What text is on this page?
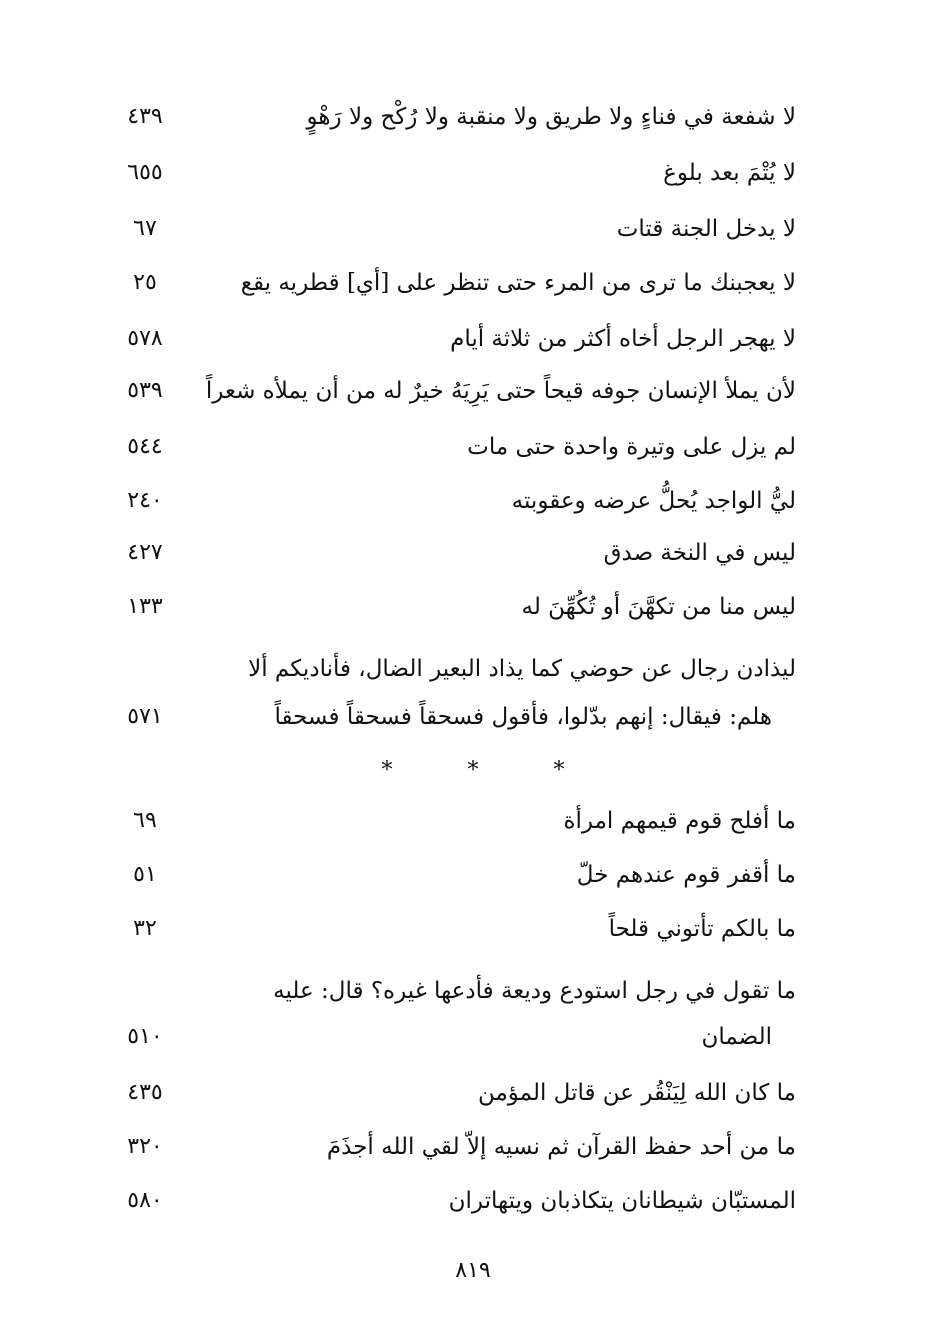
لا شفعة في فناءٍ ولا طريق ولا منقبة ولا رُكْح ولا رَهْوٍ
٤٣٩
لا يُتْمَ بعد بلوغ
٦٥٥
لا يدخل الجنة قتات
٦٧
لا يعجبنك ما ترى من المرء حتى تنظر على [أي] قطريه يقع
٢٥
لا يهجر الرجل أخاه أكثر من ثلاثة أيام
٥٧٨
لأن يملأ الإنسان جوفه قيحاً حتى يَرِيَهُ خيرٌ له من أن يملأه شعراً
٥٣٩
لم يزل على وتيرة واحدة حتى مات
٥٤٤
ليُّ الواجد يُحلُّ عرضه وعقوبته
٢٤٠
ليس في النخة صدق
٤٢٧
ليس منا من تكهَّنَ أو تُكُهِّنَ له
١٣٣
ليذادن رجال عن حوضي كما يذاد البعير الضال، فأناديكم ألا
هلم: فيقال: إنهم بدّلوا، فأقول فسحقاً فسحقاً فسحقاً
٥٧١
* * *
ما أفلح قوم قيمهم امرأة
٦٩
ما أقفر قوم عندهم خلّ
٥١
ما بالكم تأتوني قلحاً
٣٢
ما تقول في رجل استودع وديعة فأدعها غيره؟ قال: عليه
الضمان
٥١٠
ما كان الله لِيَنْقُر عن قاتل المؤمن
٤٣٥
ما من أحد حفظ القرآن ثم نسيه إلاّ لقي الله أجذَمَ
٣٢٠
المستبّان شيطانان يتكاذبان ويتهاتران
٥٨٠
٨١٩
